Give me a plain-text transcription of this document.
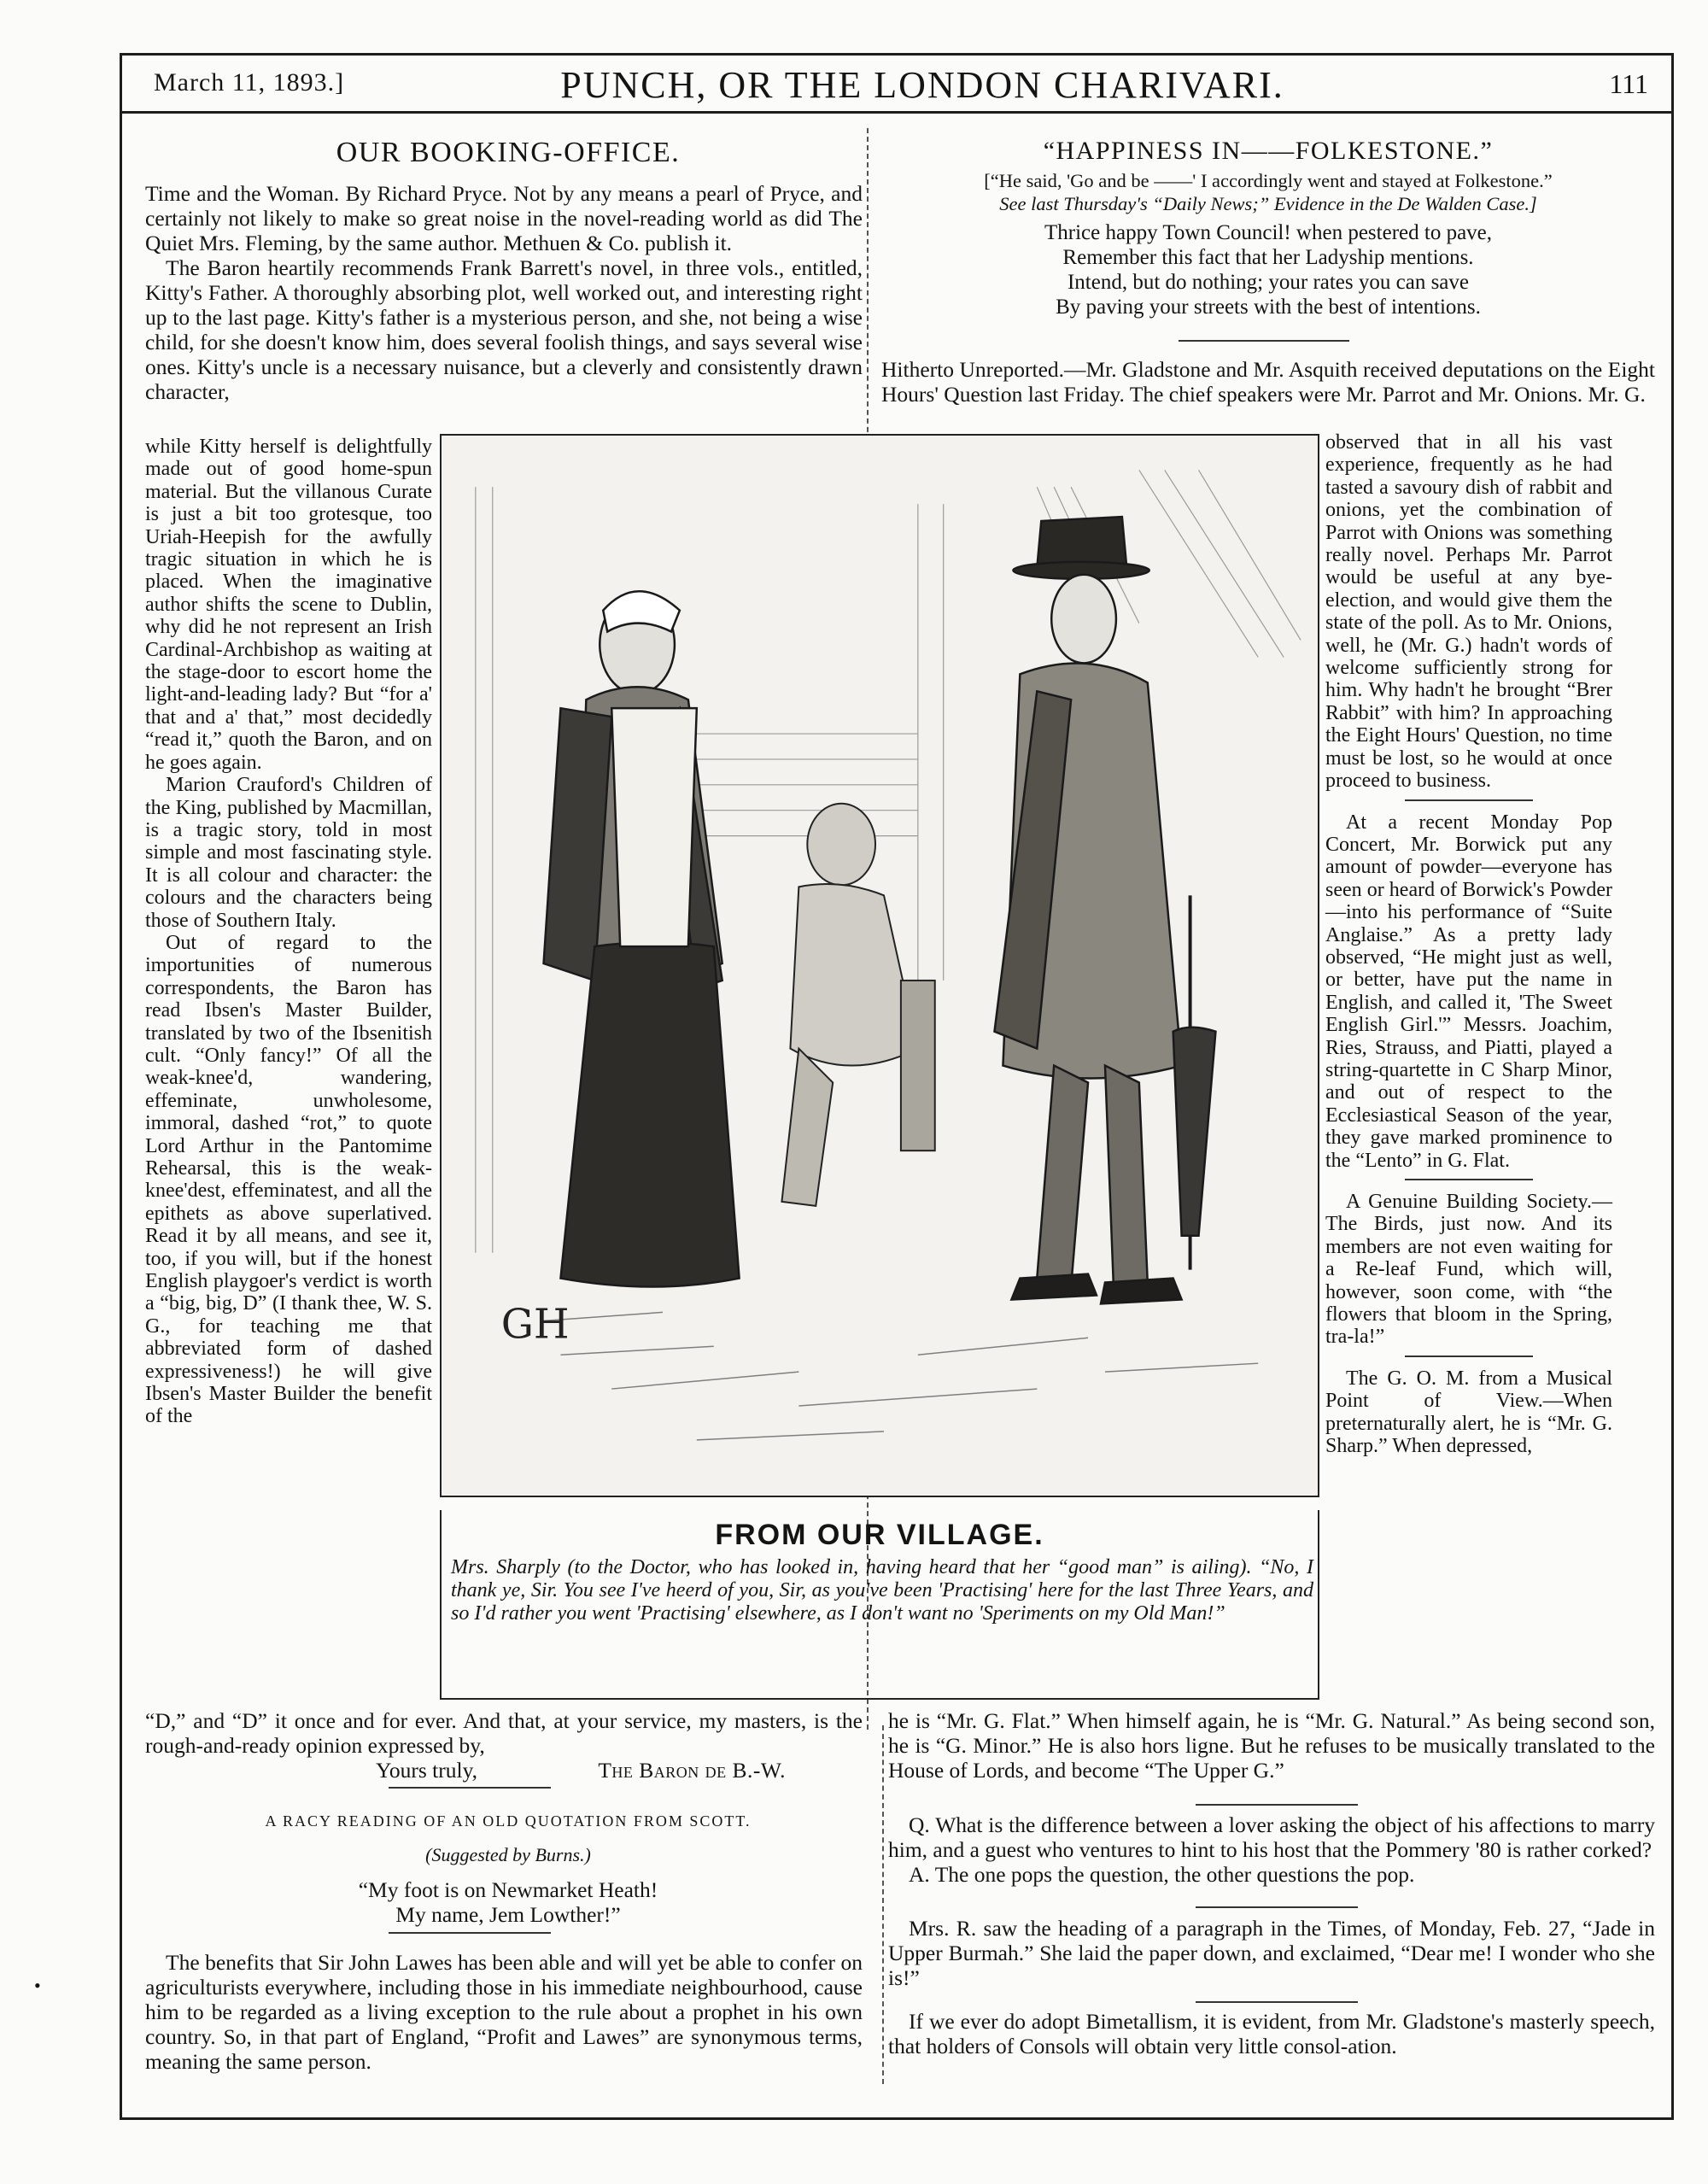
March 11, 1893.]	PUNCH, OR THE LONDON CHARIVARI.	111
•
OUR BOOKING-OFFICE.

Time and the Woman. By Richard Pryce. Not by any means a pearl of Pryce, and certainly not likely to make so great noise in the novel-reading world as did The Quiet Mrs. Fleming, by the same author. Methuen & Co. publish it.

The Baron heartily recommends Frank Barrett's novel, in three vols., entitled, Kitty's Father. A thoroughly absorbing plot, well worked out, and interesting right up to the last page. Kitty's father is a mysterious person, and she, not being a wise child, for she doesn't know him, does several foolish things, and says several wise ones. Kitty's uncle is a necessary nuisance, but a cleverly and consistently drawn character,

while Kitty herself is delightfully made out of good home-spun material. But the villanous Curate is just a bit too grotesque, too Uriah-Heepish for the awfully tragic situation in which he is placed. When the imaginative author shifts the scene to Dublin, why did he not represent an Irish Cardinal-Archbishop as waiting at the stage-door to escort home the light-and-leading lady? But “for a' that and a' that,” most decidedly “read it,” quoth the Baron, and on he goes again.

Marion Crauford's Children of the King, published by Macmillan, is a tragic story, told in most simple and most fascinating style. It is all colour and character: the colours and the characters being those of Southern Italy.

Out of regard to the importunities of numerous correspondents, the Baron has read Ibsen's Master Builder, translated by two of the Ibsenitish cult. “Only fancy!” Of all the weak-knee'd, wandering, effeminate, unwholesome, immoral, dashed “rot,” to quote Lord Arthur in the Pantomime Rehearsal, this is the weak-knee'dest, effeminatest, and all the epithets as above superlatived. Read it by all means, and see it, too, if you will, but if the honest English playgoer's verdict is worth a “big, big, D” (I thank thee, W. S. G., for teaching me that abbreviated form of dashed expressiveness!) he will give Ibsen's Master Builder the benefit of the

“D,” and “D” it once and for ever. And that, at your service, my masters, is the rough-and-ready opinion expressed by,

Yours truly,	The Baron de B.-W.
A RACY READING OF AN OLD QUOTATION FROM SCOTT.
(Suggested by Burns.)
“My foot is on Newmarket Heath!
My name, Jem Lowther!”

The benefits that Sir John Lawes has been able and will yet be able to confer on agriculturists everywhere, including those in his immediate neighbourhood, cause him to be regarded as a living exception to the rule about a prophet in his own country. So, in that part of England, “Profit and Lawes” are synonymous terms, meaning the same person.

“HAPPINESS IN——FOLKESTONE.”
[“He said, 'Go and be ——' I accordingly went and stayed at Folkestone.”
See last Thursday's “Daily News;” Evidence in the De Walden Case.]
Thrice happy Town Council! when pestered to pave,
Remember this fact that her Ladyship mentions.
Intend, but do nothing; your rates you can save
By paving your streets with the best of intentions.

Hitherto Unreported.—Mr. Gladstone and Mr. Asquith received deputations on the Eight Hours' Question last Friday. The chief speakers were Mr. Parrot and Mr. Onions. Mr. G.

observed that in all his vast experience, frequently as he had tasted a savoury dish of rabbit and onions, yet the combination of Parrot with Onions was something really novel. Perhaps Mr. Parrot would be useful at any bye-election, and would give them the state of the poll. As to Mr. Onions, well, he (Mr. G.) hadn't words of welcome sufficiently strong for him. Why hadn't he brought “Brer Rabbit” with him? In approaching the Eight Hours' Question, no time must be lost, so he would at once proceed to business.

At a recent Monday Pop Concert, Mr. Borwick put any amount of powder—everyone has seen or heard of Borwick's Powder—into his performance of “Suite Anglaise.” As a pretty lady observed, “He might just as well, or better, have put the name in English, and called it, 'The Sweet English Girl.'” Messrs. Joachim, Ries, Strauss, and Piatti, played a string-quartette in C Sharp Minor, and out of respect to the Ecclesiastical Season of the year, they gave marked prominence to the “Lento” in G. Flat.

A Genuine Building Society.—The Birds, just now. And its members are not even waiting for a Re-leaf Fund, which will, however, soon come, with “the flowers that bloom in the Spring, tra-la!”

The G. O. M. from a Musical Point of View.—When preternaturally alert, he is “Mr. G. Sharp.” When depressed,

he is “Mr. G. Flat.” When himself again, he is “Mr. G. Natural.” As being second son, he is “G. Minor.” He is also hors ligne. But he refuses to be musically translated to the House of Lords, and become “The Upper G.”

Q. What is the difference between a lover asking the object of his affections to marry him, and a guest who ventures to hint to his host that the Pommery '80 is rather corked?

A. The one pops the question, the other questions the pop.

Mrs. R. saw the heading of a paragraph in the Times, of Monday, Feb. 27, “Jade in Upper Burmah.” She laid the paper down, and exclaimed, “Dear me! I wonder who she is!”

If we ever do adopt Bimetallism, it is evident, from Mr. Gladstone's masterly speech, that holders of Consols will obtain very little consol-ation.

GH
FROM OUR VILLAGE.
Mrs. Sharply (to the Doctor, who has looked in, having heard that her “good man” is ailing). “No, I thank ye, Sir. You see I've heerd of you, Sir, as you've been 'Practising' here for the last Three Years, and so I'd rather you went 'Practising' elsewhere, as I don't want no 'Speriments on my Old Man!”
